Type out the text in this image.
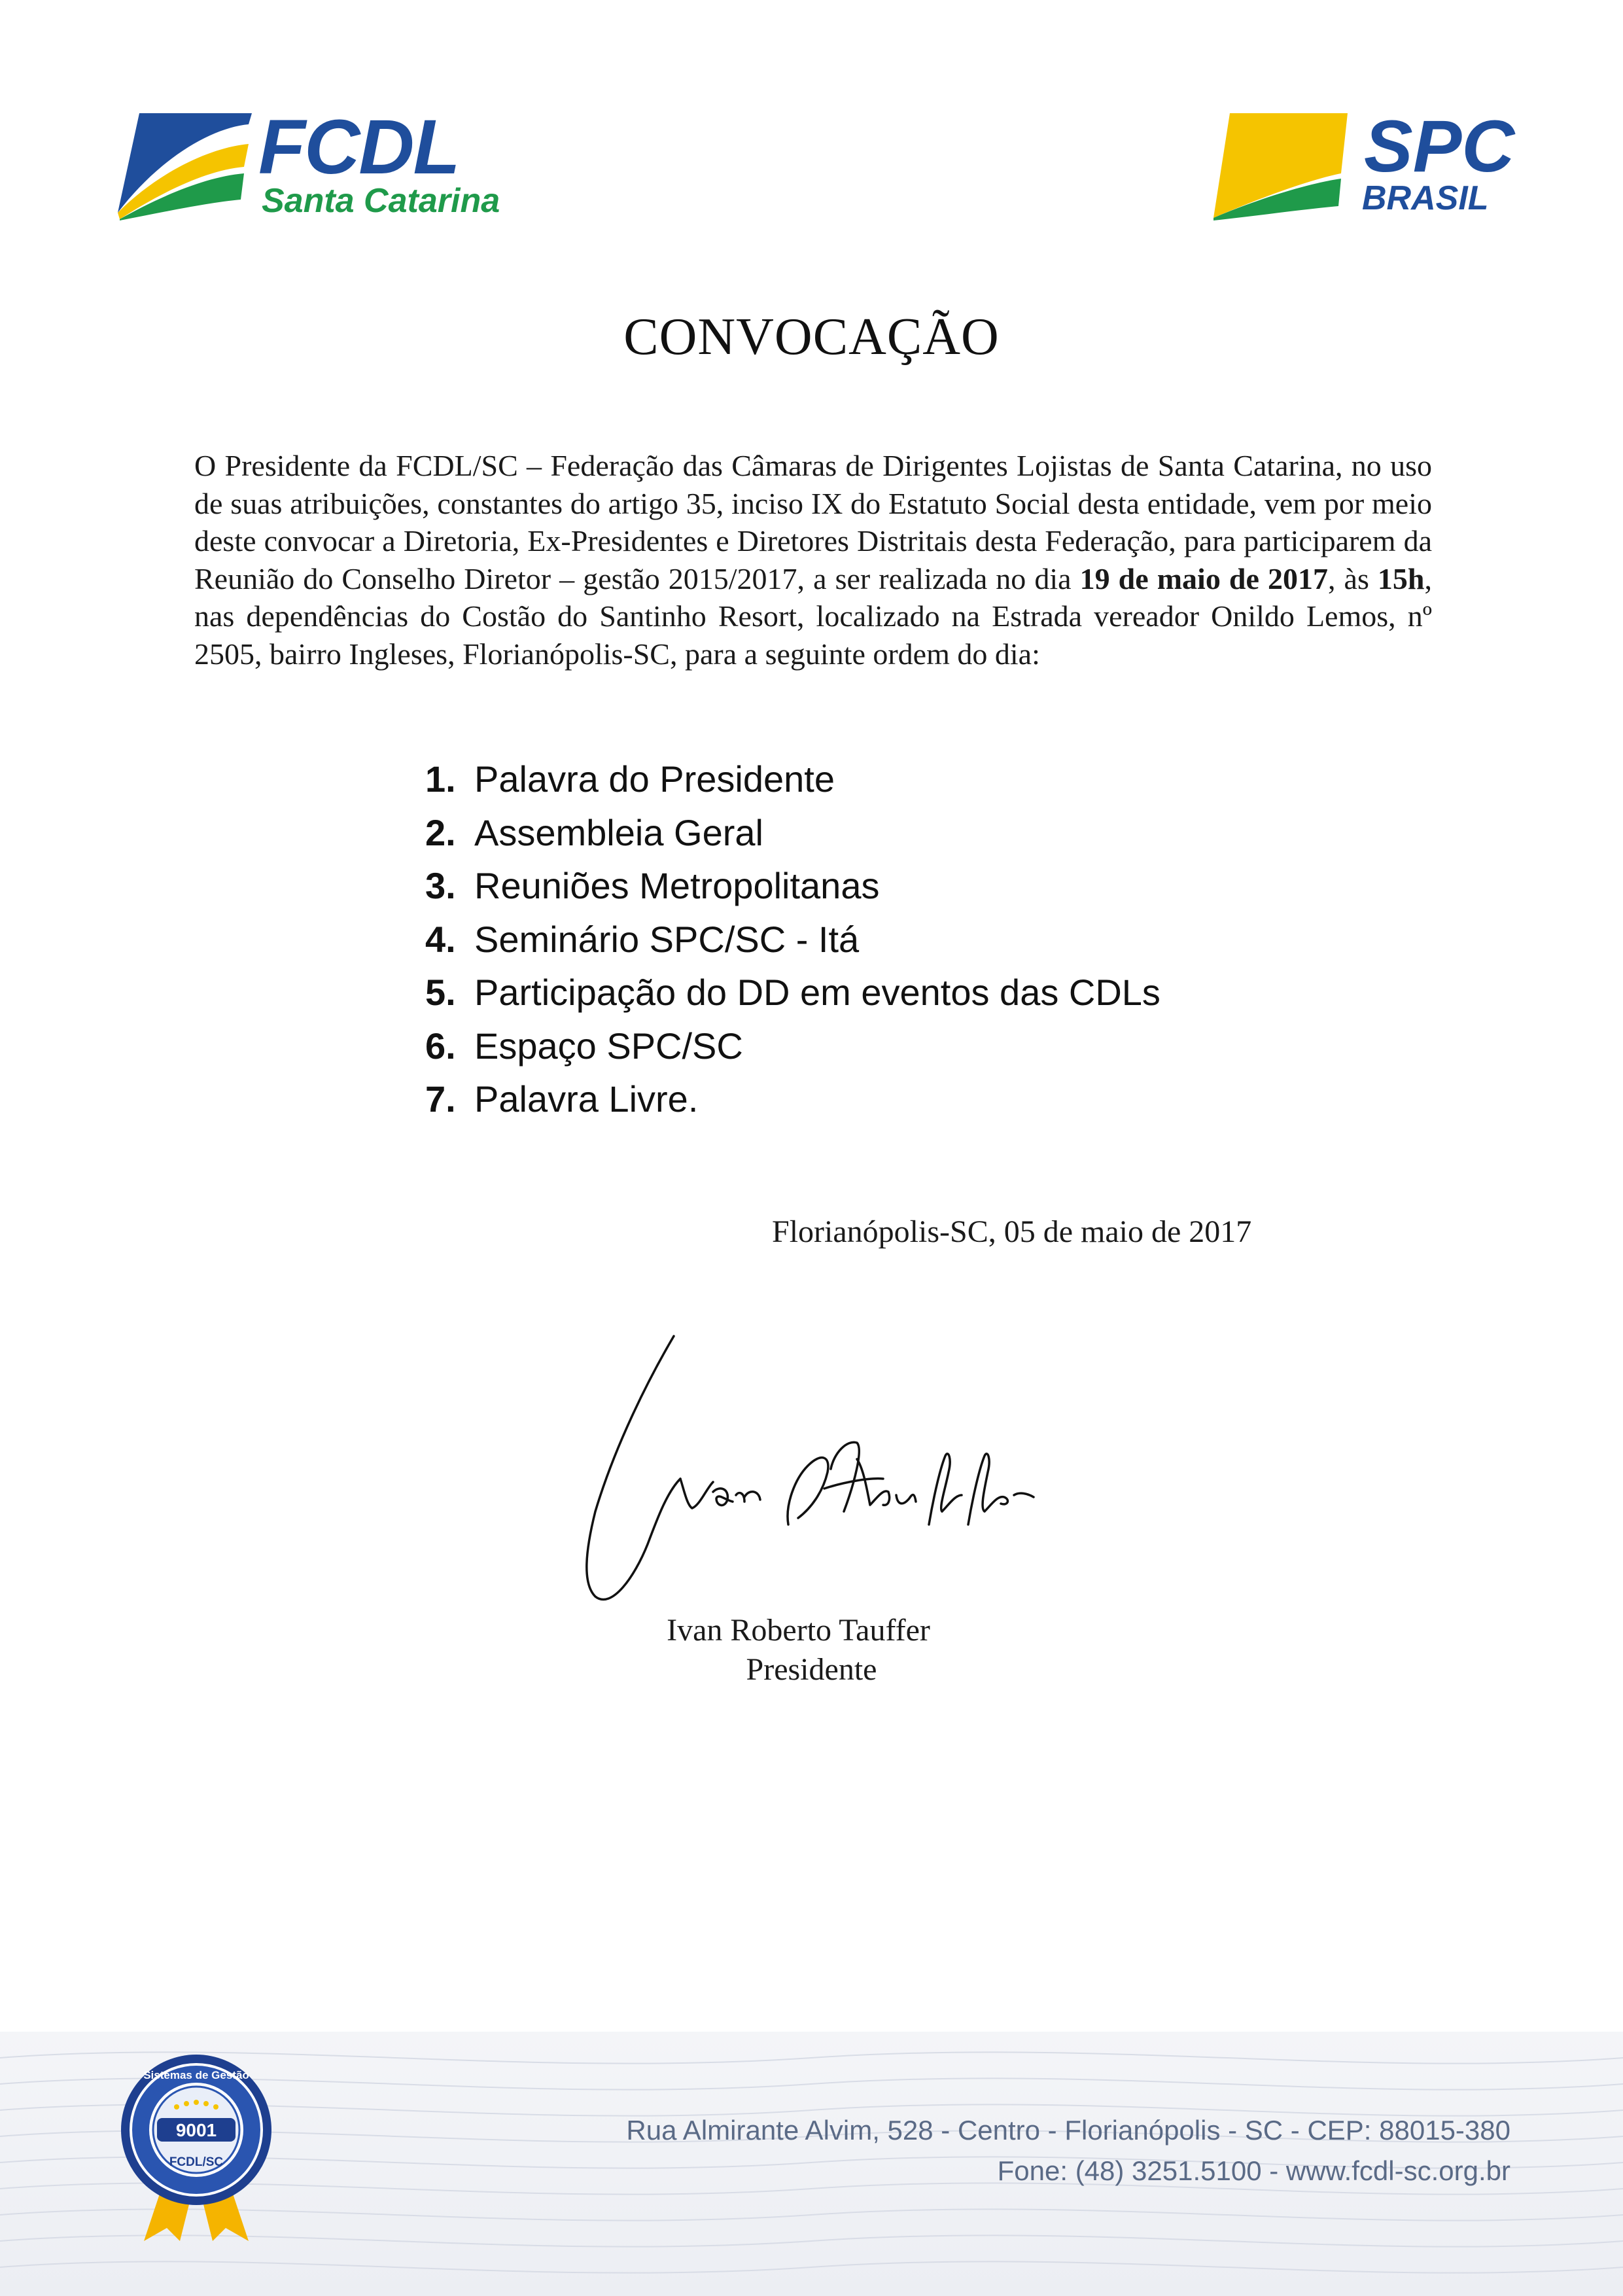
FCDL
Santa Catarina
SPC
BRASIL
CONVOCAÇÃO
O Presidente da FCDL/SC – Federação das Câmaras de Dirigentes Lojistas de Santa Catarina, no uso de suas atribuições, constantes do artigo 35, inciso IX do Estatuto Social desta entidade, vem por meio deste convocar a Diretoria, Ex-Presidentes e Diretores Distritais desta Federação, para participarem da Reunião do Conselho Diretor – gestão 2015/2017, a ser realizada no dia 19 de maio de 2017, às 15h, nas dependências do Costão do Santinho Resort, localizado na Estrada vereador Onildo Lemos, nº 2505, bairro Ingleses, Florianópolis-SC, para a seguinte ordem do dia:
1. Palavra do Presidente
2. Assembleia Geral
3. Reuniões Metropolitanas
4. Seminário SPC/SC - Itá
5. Participação do DD em eventos das CDLs
6. Espaço SPC/SC
7. Palavra Livre.
Florianópolis-SC, 05 de maio de 2017
Ivan Roberto Tauffer
Presidente
Sistemas de Gestão
9001
FCDL/SC
Rua Almirante Alvim, 528 - Centro - Florianópolis - SC - CEP: 88015-380
Fone: (48) 3251.5100 - www.fcdl-sc.org.br
